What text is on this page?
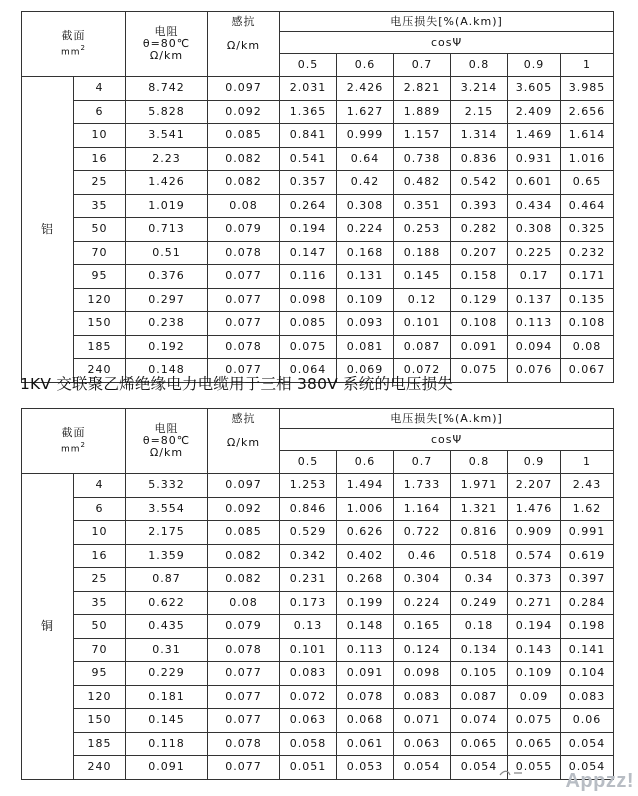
截面
$mm^2$		电阻
θ=80℃
Ω/km	感抗

Ω/km	电压损失[%(A.km)]					
				cosΨ					
				0.5	0.6	0.7	0.8	0.9	1
铝	4	8.742	0.097	2.031	2.426	2.821	3.214	3.605	3.985
	6	5.828	0.092	1.365	1.627	1.889	2.15	2.409	2.656
	10	3.541	0.085	0.841	0.999	1.157	1.314	1.469	1.614
	16	2.23	0.082	0.541	0.64	0.738	0.836	0.931	1.016
	25	1.426	0.082	0.357	0.42	0.482	0.542	0.601	0.65
	35	1.019	0.08	0.264	0.308	0.351	0.393	0.434	0.464
	50	0.713	0.079	0.194	0.224	0.253	0.282	0.308	0.325
	70	0.51	0.078	0.147	0.168	0.188	0.207	0.225	0.232
	95	0.376	0.077	0.116	0.131	0.145	0.158	0.17	0.171
	120	0.297	0.077	0.098	0.109	0.12	0.129	0.137	0.135
	150	0.238	0.077	0.085	0.093	0.101	0.108	0.113	0.108
	185	0.192	0.078	0.075	0.081	0.087	0.091	0.094	0.08
	240	0.148	0.077	0.064	0.069	0.072	0.075	0.076	0.067
1KV 交联聚乙烯绝缘电力电缆用于三相 380V 系统的电压损失
截面
$mm^2$		电阻
θ=80℃
Ω/km	感抗

Ω/km	电压损失[%(A.km)]					
				cosΨ					
				0.5	0.6	0.7	0.8	0.9	1
铜	4	5.332	0.097	1.253	1.494	1.733	1.971	2.207	2.43
	6	3.554	0.092	0.846	1.006	1.164	1.321	1.476	1.62
	10	2.175	0.085	0.529	0.626	0.722	0.816	0.909	0.991
	16	1.359	0.082	0.342	0.402	0.46	0.518	0.574	0.619
	25	0.87	0.082	0.231	0.268	0.304	0.34	0.373	0.397
	35	0.622	0.08	0.173	0.199	0.224	0.249	0.271	0.284
	50	0.435	0.079	0.13	0.148	0.165	0.18	0.194	0.198
	70	0.31	0.078	0.101	0.113	0.124	0.134	0.143	0.141
	95	0.229	0.077	0.083	0.091	0.098	0.105	0.109	0.104
	120	0.181	0.077	0.072	0.078	0.083	0.087	0.09	0.083
	150	0.145	0.077	0.063	0.068	0.071	0.074	0.075	0.06
	185	0.118	0.078	0.058	0.061	0.063	0.065	0.065	0.054
	240	0.091	0.077	0.051	0.053	0.054	0.054	0.055	0.054
Appzz!
